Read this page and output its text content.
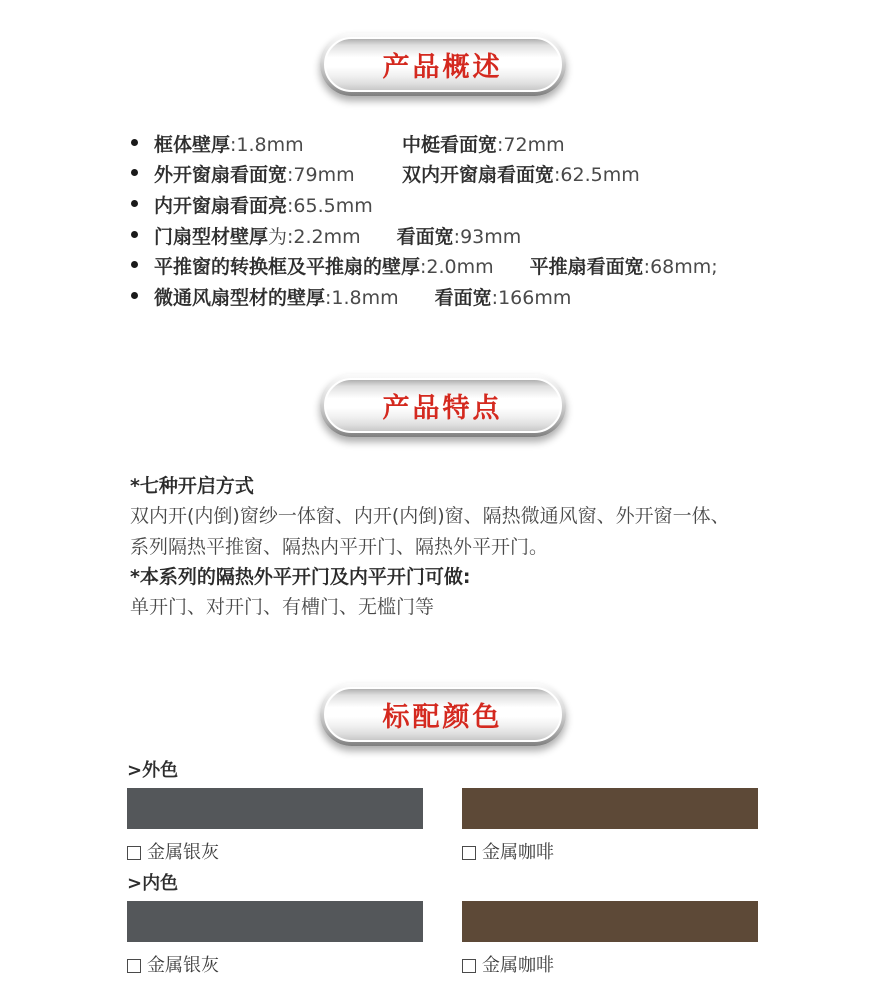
产品概述
产品特点
标配颜色
框体壁厚:1.8mm	中梃看面宽:72mm
外开窗扇看面宽:79mm 双内开窗扇看面宽:62.5mm
内开窗扇看面亮:65.5mm
门扇型材壁厚为:2.2mm 看面宽:93mm
平推窗的转换框及平推扇的壁厚:2.0mm 平推扇看面宽:68mm;
微通风扇型材的壁厚:1.8mm 看面宽:166mm
*七种开启方式
双内开(内倒)窗纱一体窗、内开(内倒)窗、隔热微通风窗、外开窗一体、
系列隔热平推窗、隔热内平开门、隔热外平开门。
*本系列的隔热外平开门及内平开门可做:
单开门、对开门、有槽门、无槛门等
>外色
金属银灰	金属咖啡
>内色
金属银灰	金属咖啡
